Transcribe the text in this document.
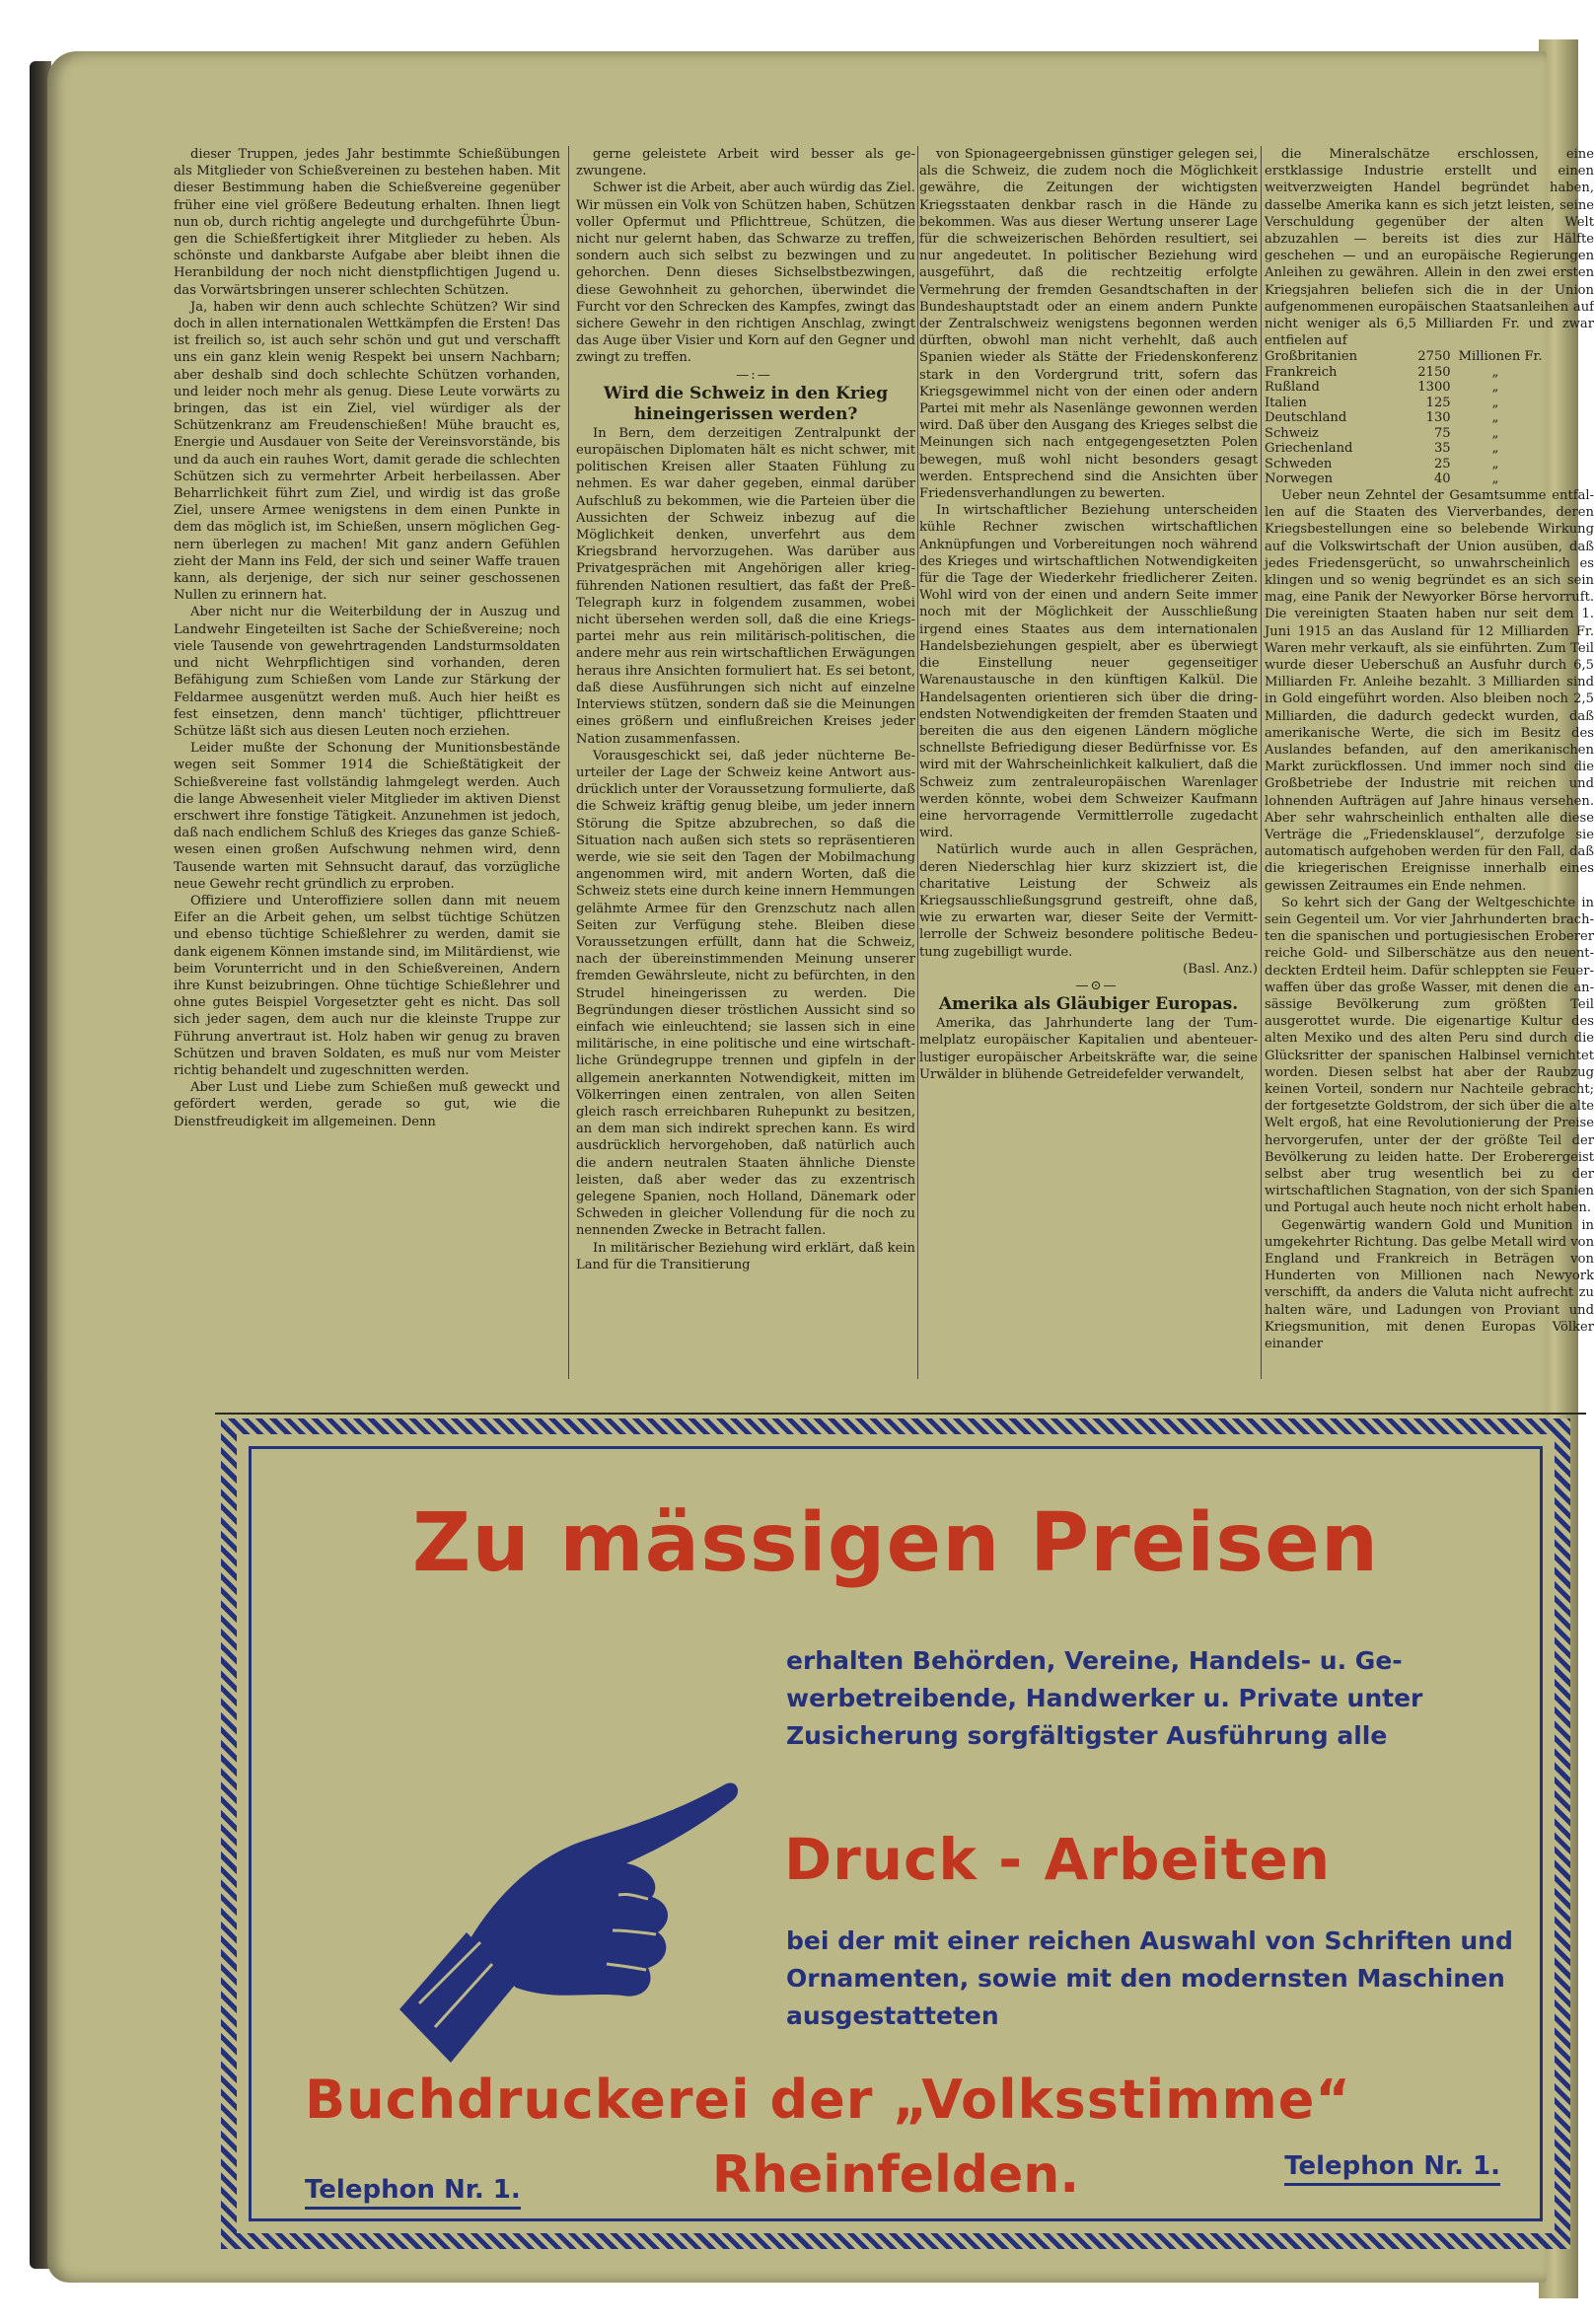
dieser Truppen, jedes Jahr bestimmte Schießübungen als Mitglieder von Schießvereinen zu bestehen haben. Mit dieser Bestimmung haben die Schießvereine gegenüber früher eine viel größere Bedeutung erhalten. Ihnen liegt nun ob, durch richtig angelegte und durchgeführte Übungen die Schießfertigkeit ihrer Mitglieder zu heben. Als schönste und dankbarste Aufgabe aber bleibt ihnen die Heranbildung der noch nicht dienstpflichtigen Jugend u. das Vorwärtsbringen unserer schlechten Schützen.

Ja, haben wir denn auch schlechte Schützen? Wir sind doch in allen internationalen Wettkämpfen die Ersten! Das ist freilich so, ist auch sehr schön und gut und verschafft uns ein ganz klein wenig Respekt bei unsern Nachbarn; aber deshalb sind doch schlechte Schützen vorhanden, und leider noch mehr als genug. Diese Leute vorwärts zu bringen, das ist ein Ziel, viel würdiger als der Schützenkranz am Freudenschießen! Mühe braucht es, Energie und Ausdauer von Seite der Vereinsvorstände, bis und da auch ein rauhes Wort, damit gerade die schlechten Schützen sich zu vermehrter Arbeit herbeilassen. Aber Beharrlichkeit führt zum Ziel, und wirdig ist das große Ziel, unsere Armee wenigstens in dem einen Punkte in dem das möglich ist, im Schießen, unsern möglichen Gegnern überlegen zu machen! Mit ganz andern Gefühlen zieht der Mann ins Feld, der sich und seiner Waffe trauen kann, als derjenige, der sich nur seiner geschossenen Nullen zu erinnern hat.

Aber nicht nur die Weiterbildung der in Auszug und Landwehr Eingeteilten ist Sache der Schießvereine; noch viele Tausende von gewehrtragenden Landsturmsoldaten und nicht Wehrpflichtigen sind vorhanden, deren Befähigung zum Schießen vom Lande zur Stärkung der Feldarmee ausgenützt werden muß. Auch hier heißt es fest einsetzen, denn manch' tüchtiger, pflichttreuer Schütze läßt sich aus diesen Leuten noch erziehen.

Leider mußte der Schonung der Munitionsbestände wegen seit Sommer 1914 die Schießtätigkeit der Schießvereine fast vollständig lahmgelegt werden. Auch die lange Abwesenheit vieler Mitglieder im aktiven Dienst erschwert ihre fonstige Tätigkeit. Anzunehmen ist jedoch, daß nach endlichem Schluß des Krieges das ganze Schießwesen einen großen Aufschwung nehmen wird, denn Tausende warten mit Sehnsucht darauf, das vorzügliche neue Gewehr recht gründlich zu erproben.

Offiziere und Unteroffiziere sollen dann mit neuem Eifer an die Arbeit gehen, um selbst tüchtige Schützen und ebenso tüchtige Schießlehrer zu werden, damit sie dank eigenem Können imstande sind, im Militärdienst, wie beim Vorunterricht und in den Schießvereinen, Andern ihre Kunst beizubringen. Ohne tüchtige Schießlehrer und ohne gutes Beispiel Vorgesetzter geht es nicht. Das soll sich jeder sagen, dem auch nur die kleinste Truppe zur Führung anvertraut ist. Holz haben wir genug zu braven Schützen und braven Soldaten, es muß nur vom Meister richtig behandelt und zugeschnitten werden.

Aber Lust und Liebe zum Schießen muß geweckt und gefördert werden, gerade so gut, wie die Dienstfreudigkeit im allgemeinen. Denn

gerne geleistete Arbeit wird besser als gezwungene.

Schwer ist die Arbeit, aber auch würdig das Ziel. Wir müssen ein Volk von Schützen haben, Schützen voller Opfermut und Pflichttreue, Schützen, die nicht nur gelernt haben, das Schwarze zu treffen, sondern auch sich selbst zu bezwingen und zu gehorchen. Denn dieses Sichselbstbezwingen, diese Gewohnheit zu gehorchen, überwindet die Furcht vor den Schrecken des Kampfes, zwingt das sichere Gewehr in den richtigen Anschlag, zwingt das Auge über Visier und Korn auf den Gegner und zwingt zu treffen.

—:—

Wird die Schweiz in den Krieg hineingerissen werden?

In Bern, dem derzeitigen Zentralpunkt der europäischen Diplomaten hält es nicht schwer, mit politischen Kreisen aller Staaten Fühlung zu nehmen. Es war daher gegeben, einmal darüber Aufschluß zu bekommen, wie die Parteien über die Aussichten der Schweiz inbezug auf die Möglichkeit denken, unverfehrt aus dem Kriegsbrand hervorzugehen. Was darüber aus Privatgesprächen mit Angehörigen aller kriegführenden Nationen resultiert, das faßt der PreßTelegraph kurz in folgendem zusammen, wobei nicht übersehen werden soll, daß die eine Kriegspartei mehr aus rein militärisch-politischen, die andere mehr aus rein wirtschaftlichen Erwägungen heraus ihre Ansichten formuliert hat. Es sei betont, daß diese Ausführungen sich nicht auf einzelne Interviews stützen, sondern daß sie die Meinungen eines größern und einflußreichen Kreises jeder Nation zusammenfassen.

Vorausgeschickt sei, daß jeder nüchterne Beurteiler der Lage der Schweiz keine Antwort ausdrücklich unter der Voraussetzung formulierte, daß die Schweiz kräftig genug bleibe, um jeder innern Störung die Spitze abzubrechen, so daß die Situation nach außen sich stets so repräsentieren werde, wie sie seit den Tagen der Mobilmachung angenommen wird, mit andern Worten, daß die Schweiz stets eine durch keine innern Hemmungen gelähmte Armee für den Grenzschutz nach allen Seiten zur Verfügung stehe. Bleiben diese Voraussetzungen erfüllt, dann hat die Schweiz, nach der übereinstimmenden Meinung unserer fremden Gewährsleute, nicht zu befürchten, in den Strudel hineingerissen zu werden. Die Begründungen dieser tröstlichen Aussicht sind so einfach wie einleuchtend; sie lassen sich in eine militärische, in eine politische und eine wirtschaftliche Gründegruppe trennen und gipfeln in der allgemein anerkannten Notwendigkeit, mitten im Völkerringen einen zentralen, von allen Seiten gleich rasch erreichbaren Ruhepunkt zu besitzen, an dem man sich indirekt sprechen kann. Es wird ausdrücklich hervorgehoben, daß natürlich auch die andern neutralen Staaten ähnliche Dienste leisten, daß aber weder das zu exzentrisch gelegene Spanien, noch Holland, Dänemark oder Schweden in gleicher Vollendung für die noch zu nennenden Zwecke in Betracht fallen.

In militärischer Beziehung wird erklärt, daß kein Land für die Transitierung

von Spionageergebnissen günstiger gelegen sei, als die Schweiz, die zudem noch die Möglichkeit gewähre, die Zeitungen der wichtigsten Kriegsstaaten denkbar rasch in die Hände zu bekommen. Was aus dieser Wertung unserer Lage für die schweizerischen Behörden resultiert, sei nur angedeutet. In politischer Beziehung wird ausgeführt, daß die rechtzeitig erfolgte Vermehrung der fremden Gesandtschaften in der Bundeshauptstadt oder an einem andern Punkte der Zentralschweiz wenigstens begonnen werden dürften, obwohl man nicht verhehlt, daß auch Spanien wieder als Stätte der Friedenskonferenz stark in den Vordergrund tritt, sofern das Kriegsgewimmel nicht von der einen oder andern Partei mit mehr als Nasenlänge gewonnen werden wird. Daß über den Ausgang des Krieges selbst die Meinungen sich nach entgegengesetzten Polen bewegen, muß wohl nicht besonders gesagt werden. Entsprechend sind die Ansichten über Friedensverhandlungen zu bewerten.

In wirtschaftlicher Beziehung unterscheiden kühle Rechner zwischen wirtschaftlichen Anknüpfungen und Vorbereitungen noch während des Krieges und wirtschaftlichen Notwendigkeiten für die Tage der Wiederkehr friedlicherer Zeiten. Wohl wird von der einen und andern Seite immer noch mit der Möglichkeit der Ausschließung irgend eines Staates aus dem internationalen Handelsbeziehungen gespielt, aber es überwiegt die Einstellung neuer gegenseitiger Warenaustausche in den künftigen Kalkül. Die Handelsagenten orientieren sich über die dringendsten Notwendigkeiten der fremden Staaten und bereiten die aus den eigenen Ländern mögliche schnellste Befriedigung dieser Bedürfnisse vor. Es wird mit der Wahrscheinlichkeit kalkuliert, daß die Schweiz zum zentraleuropäischen Warenlager werden könnte, wobei dem Schweizer Kaufmann eine hervorragende Vermittlerrolle zugedacht wird.

Natürlich wurde auch in allen Gesprächen, deren Niederschlag hier kurz skizziert ist, die charitative Leistung der Schweiz als Kriegsausschließungsgrund gestreift, ohne daß, wie zu erwarten war, dieser Seite der Vermittlerrolle der Schweiz besondere politische Bedeutung zugebilligt wurde.

(Basl. Anz.)

—⊙—

Amerika als Gläubiger Europas.

Amerika, das Jahrhunderte lang der Tummelplatz europäischer Kapitalien und abenteuerlustiger europäischer Arbeitskräfte war, die seine Urwälder in blühende Getreidefelder verwandelt,

die Mineralschätze erschlossen, eine erstklassige Industrie erstellt und einen weitverzweigten Handel begründet haben, dasselbe Amerika kann es sich jetzt leisten, seine Verschuldung gegenüber der alten Welt abzuzahlen — bereits ist dies zur Hälfte geschehen — und an europäische Regierungen Anleihen zu gewähren. Allein in den zwei ersten Kriegsjahren beliefen sich die in der Union aufgenommenen europäischen Staatsanleihen auf nicht weniger als 6,5 Milliarden Fr. und zwar entfielen auf

Großbritanien	2750	Millionen Fr.
Frankreich	2150	„
Rußland	1300	„
Italien	125	„
Deutschland	130	„
Schweiz	75	„
Griechenland	35	„
Schweden	25	„
Norwegen	40	„

Ueber neun Zehntel der Gesamtsumme entfallen auf die Staaten des Vierverbandes, deren Kriegsbestellungen eine so belebende Wirkung auf die Volkswirtschaft der Union ausüben, daß jedes Friedensgerücht, so unwahrscheinlich es klingen und so wenig begründet es an sich sein mag, eine Panik der Newyorker Börse hervorruft. Die vereinigten Staaten haben nur seit dem 1. Juni 1915 an das Ausland für 12 Milliarden Fr. Waren mehr verkauft, als sie einführten. Zum Teil wurde dieser Ueberschuß an Ausfuhr durch 6,5 Milliarden Fr. Anleihe bezahlt. 3 Milliarden sind in Gold eingeführt worden. Also bleiben noch 2,5 Milliarden, die dadurch gedeckt wurden, daß amerikanische Werte, die sich im Besitz des Auslandes befanden, auf den amerikanischen Markt zurückflossen. Und immer noch sind die Großbetriebe der Industrie mit reichen und lohnenden Aufträgen auf Jahre hinaus versehen. Aber sehr wahrscheinlich enthalten alle diese Verträge die „Friedensklausel“, derzufolge sie automatisch aufgehoben werden für den Fall, daß die kriegerischen Ereignisse innerhalb eines gewissen Zeitraumes ein Ende nehmen.

So kehrt sich der Gang der Weltgeschichte in sein Gegenteil um. Vor vier Jahrhunderten brachten die spanischen und portugiesischen Eroberer reiche Gold- und Silberschätze aus den neuentdeckten Erdteil heim. Dafür schleppten sie Feuerwaffen über das große Wasser, mit denen die ansässige Bevölkerung zum größten Teil ausgerottet wurde. Die eigenartige Kultur des alten Mexiko und des alten Peru sind durch die Glücksritter der spanischen Halbinsel vernichtet worden. Diesen selbst hat aber der Raubzug keinen Vorteil, sondern nur Nachteile gebracht; der fortgesetzte Goldstrom, der sich über die alte Welt ergoß, hat eine Revolutionierung der Preise hervorgerufen, unter der der größte Teil der Bevölkerung zu leiden hatte. Der Eroberergeist selbst aber trug wesentlich bei zu der wirtschaftlichen Stagnation, von der sich Spanien und Portugal auch heute noch nicht erholt haben.

Gegenwärtig wandern Gold und Munition in umgekehrter Richtung. Das gelbe Metall wird von England und Frankreich in Beträgen von Hunderten von Millionen nach Newyork verschifft, da anders die Valuta nicht aufrecht zu halten wäre, und Ladungen von Proviant und Kriegsmunition, mit denen Europas Völker einander

Zu mässigen Preisen

erhalten Behörden, Vereine, Handels- u. Gewerbetreibende, Handwerker u. Private unter Zusicherung sorgfältigster Ausführung alle
Druck - Arbeiten
bei der mit einer reichen Auswahl von Schriften und Ornamenten, sowie mit den modernsten Maschinen ausgestatteten
Buchdruckerei der „Volksstimme“
Telephon Nr. 1.
Telephon Nr. 1.
Rheinfelden.
